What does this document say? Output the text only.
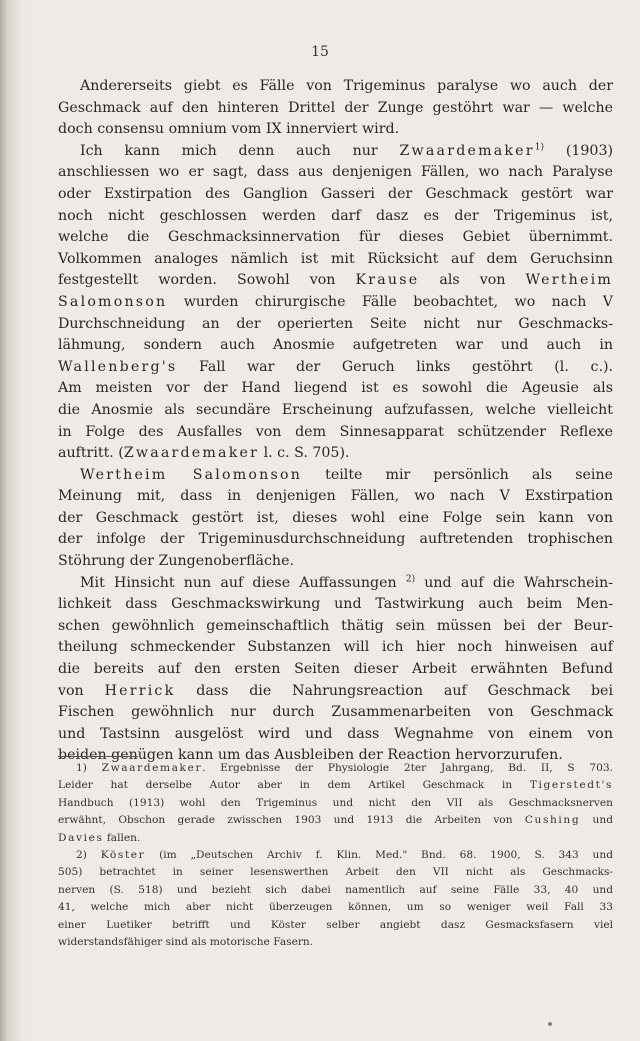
15
Andererseits giebt es Fälle von Trigeminus paralyse wo auch der
Geschmack auf den hinteren Drittel der Zunge gestöhrt war — welche
doch consensu omnium vom IX innerviert wird.
Ich kann mich denn auch nur Zwaardemaker$^{1)}$ (1903)
anschliessen wo er sagt, dass aus denjenigen Fällen, wo nach Paralyse
oder Exstirpation des Ganglion Gasseri der Geschmack gestört war
noch nicht geschlossen werden darf dasz es der Trigeminus ist,
welche die Geschmacksinnervation für dieses Gebiet übernimmt.
Volkommen analoges nämlich ist mit Rücksicht auf dem Geruchsinn
festgestellt worden. Sowohl von Krause als von Wertheim
Salomonson wurden chirurgische Fälle beobachtet, wo nach V
Durchschneidung an der operierten Seite nicht nur Geschmacks-
lähmung, sondern auch Anosmie aufgetreten war und auch in
Wallenberg's Fall war der Geruch links gestöhrt (l. c.).
Am meisten vor der Hand liegend ist es sowohl die Ageusie als
die Anosmie als secundäre Erscheinung aufzufassen, welche vielleicht
in Folge des Ausfalles von dem Sinnesapparat schützender Reflexe
auftritt. (Zwaardemaker l. c. S. 705).
Wertheim Salomonson teilte mir persönlich als seine
Meinung mit, dass in denjenigen Fällen, wo nach V Exstirpation
der Geschmack gestört ist, dieses wohl eine Folge sein kann von
der infolge der Trigeminusdurchschneidung auftretenden trophischen
Stöhrung der Zungenoberfläche.
Mit Hinsicht nun auf diese Auffassungen $^{2)}$ und auf die Wahrschein-
lichkeit dass Geschmackswirkung und Tastwirkung auch beim Men-
schen gewöhnlich gemeinschaftlich thätig sein müssen bei der Beur-
theilung schmeckender Substanzen will ich hier noch hinweisen auf
die bereits auf den ersten Seiten dieser Arbeit erwähnten Befund
von Herrick dass die Nahrungsreaction auf Geschmack bei
Fischen gewöhnlich nur durch Zusammenarbeiten von Geschmack
und Tastsinn ausgelöst wird und dass Wegnahme von einem von
beiden genügen kann um das Ausbleiben der Reaction hervorzurufen.
1) Zwaardemaker. Ergebnisse der Physiologie 2ter Jahrgang, Bd. II, S 703.
Leider hat derselbe Autor aber in dem Artikel Geschmack in Tigerstedt's
Handbuch (1913) wohl den Trigeminus und nicht den VII als Geschmacksnerven
erwähnt, Obschon gerade zwisschen 1903 und 1913 die Arbeiten von Cushing und
Davies fallen.
2) Köster (im „Deutschen Archiv f. Klin. Med." Bnd. 68. 1900, S. 343 und
505) betrachtet in seiner lesenswerthen Arbeit den VII nicht als Geschmacks-
nerven (S. 518) und bezieht sich dabei namentlich auf seine Fälle 33, 40 und
41, welche mich aber nicht überzeugen können, um so weniger weil Fall 33
einer Luetiker betrifft und Köster selber angiebt dasz Gesmacksfasern viel
widerstandsfähiger sind als motorische Fasern.
